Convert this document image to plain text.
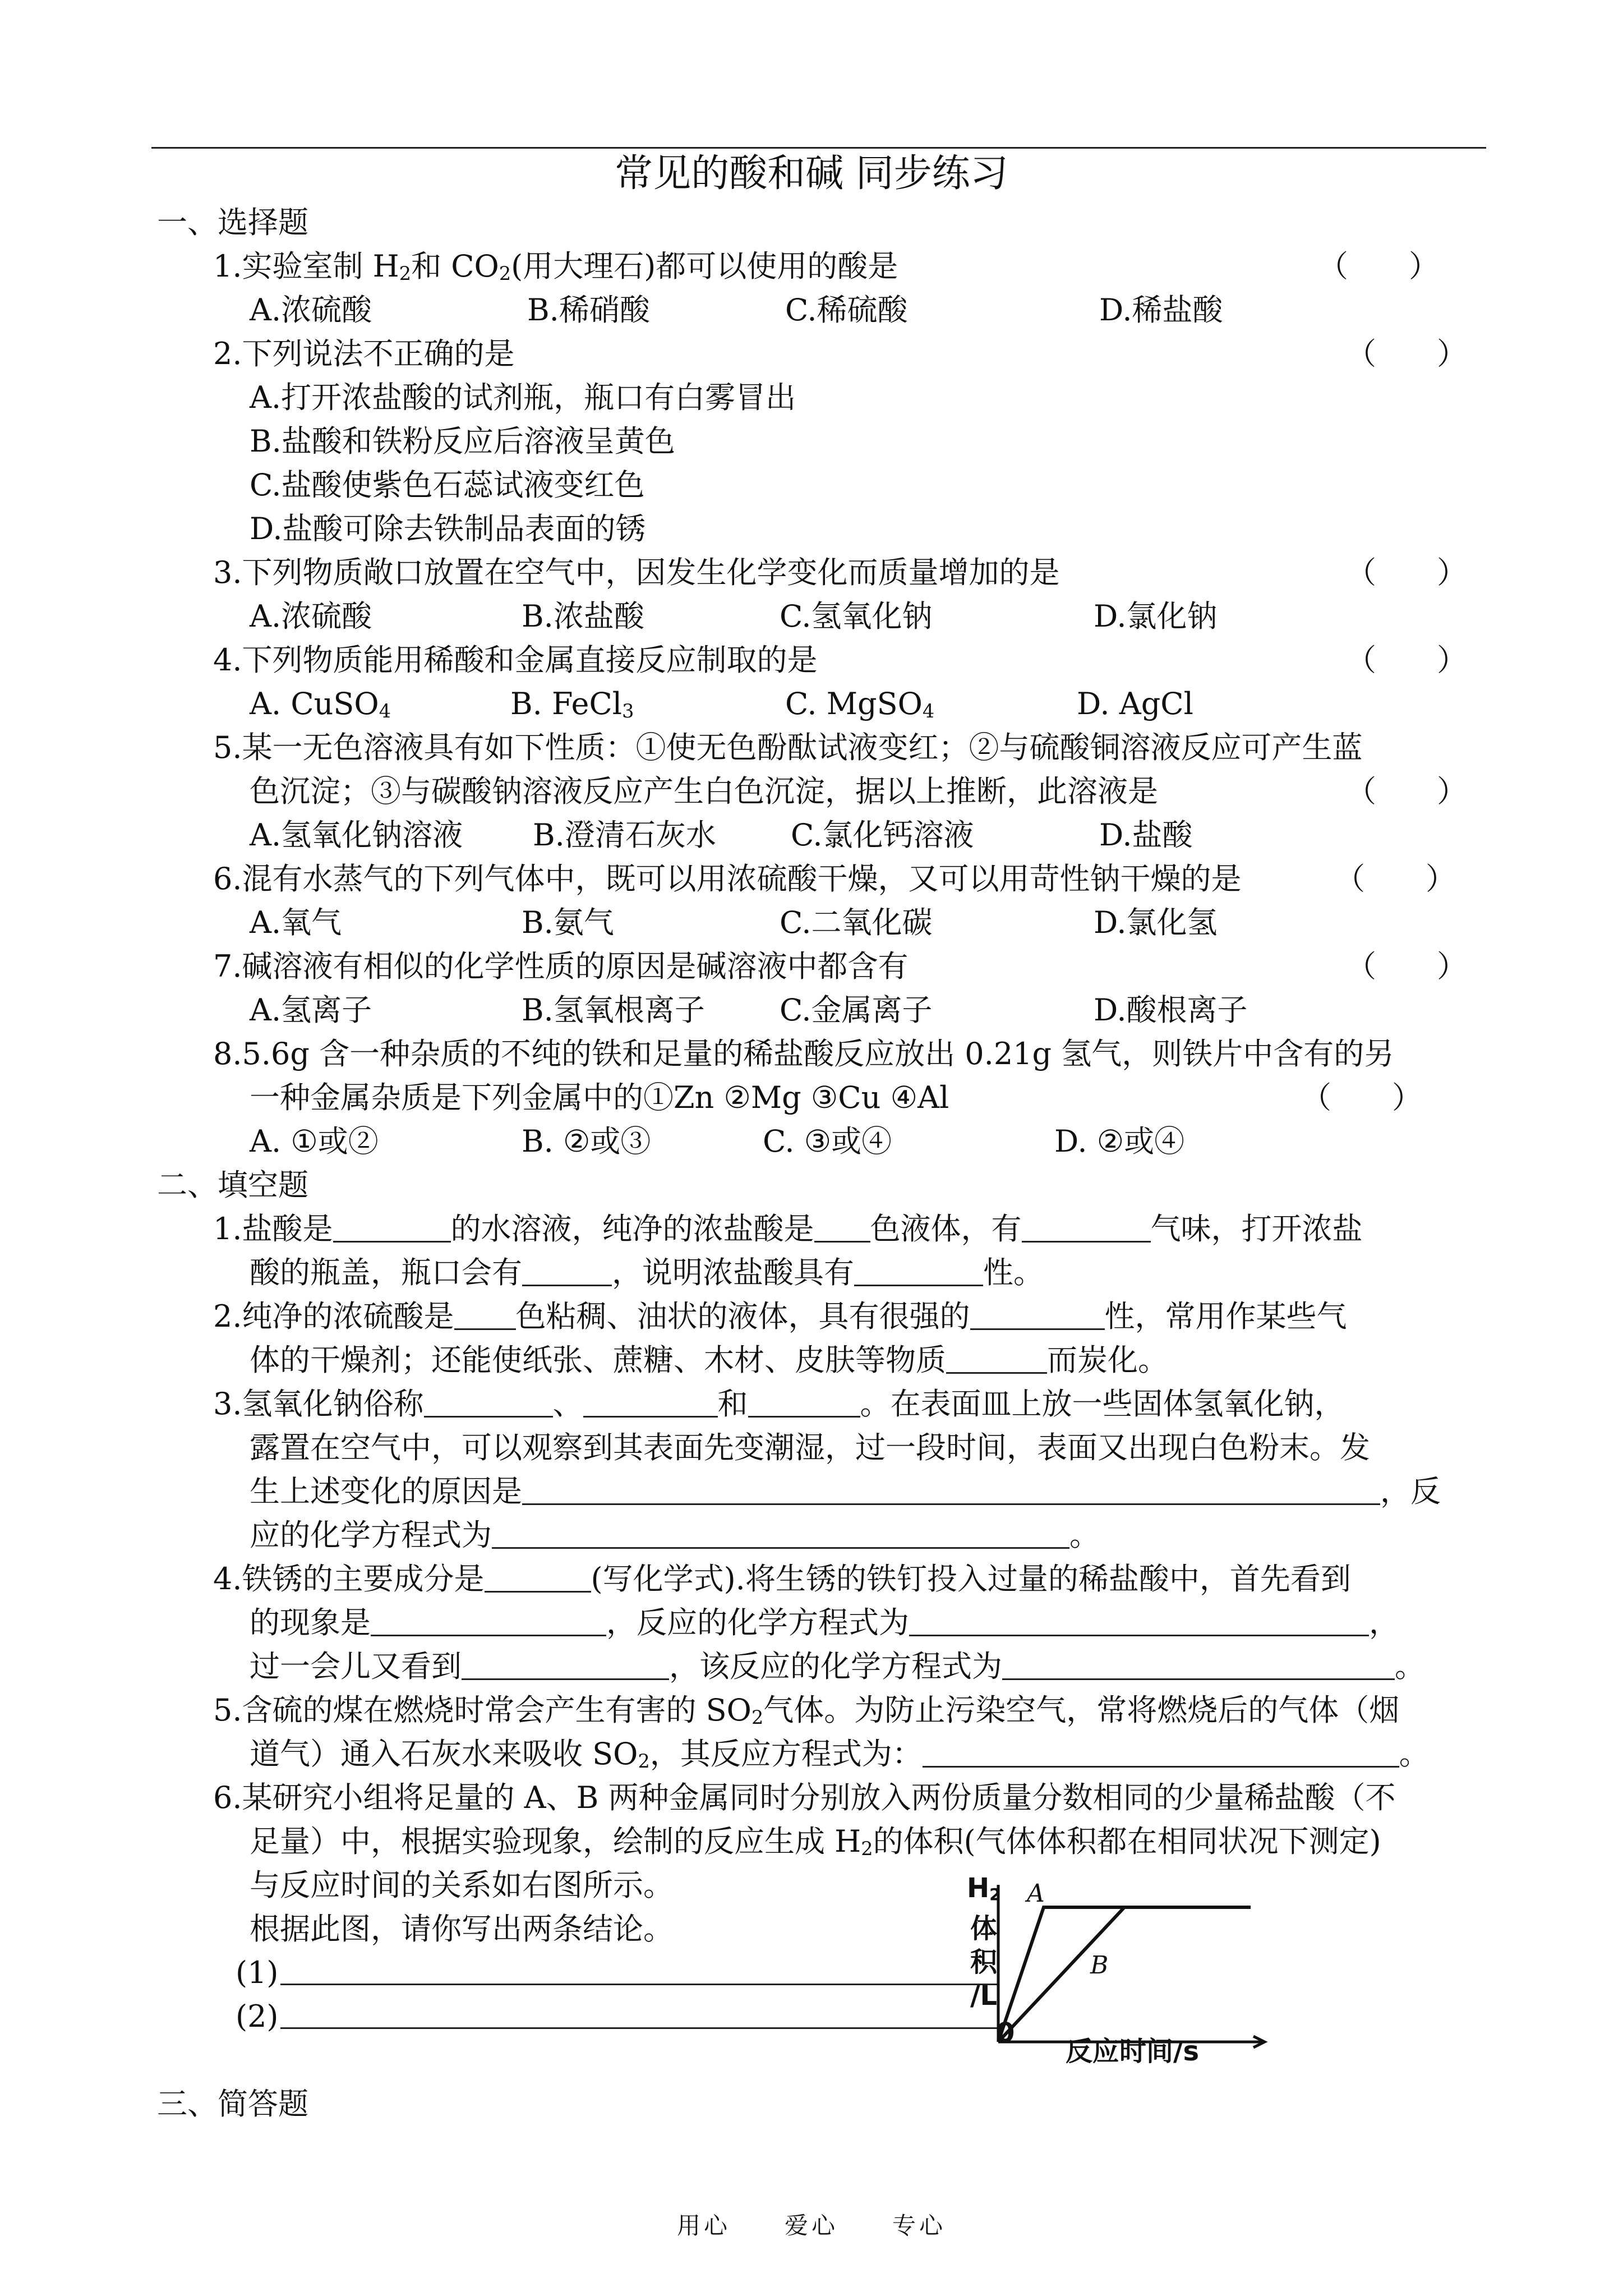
常见的酸和碱 同步练习
一、选择题
1.实验室制 $H_2$和 $CO_2$(用大理石)都可以使用的酸是	（　　）
A.浓硫酸	B.稀硝酸	C.稀硫酸	D.稀盐酸
2.下列说法不正确的是	（　　）
A.打开浓盐酸的试剂瓶，瓶口有白雾冒出
B.盐酸和铁粉反应后溶液呈黄色
C.盐酸使紫色石蕊试液变红色
D.盐酸可除去铁制品表面的锈
3.下列物质敞口放置在空气中，因发生化学变化而质量增加的是	（　　）
A.浓硫酸	B.浓盐酸	C.氢氧化钠	D.氯化钠
4.下列物质能用稀酸和金属直接反应制取的是	（　　）
A. CuSO$_4$	B. FeCl$_3$	C. MgSO$_4$	D. AgCl
5.某一无色溶液具有如下性质：①使无色酚酞试液变红；②与硫酸铜溶液反应可产生蓝
色沉淀；③与碳酸钠溶液反应产生白色沉淀，据以上推断，此溶液是	（　　）
A.氢氧化钠溶液 B.澄清石灰水 C.氯化钙溶液	D.盐酸
6.混有水蒸气的下列气体中，既可以用浓硫酸干燥，又可以用苛性钠干燥的是	（　　）
A.氧气	B.氨气	C.二氧化碳	D.氯化氢
7.碱溶液有相似的化学性质的原因是碱溶液中都含有	（　　）
A.氢离子	B.氢氧根离子 C.金属离子	D.酸根离子
8.5.6g 含一种杂质的不纯的铁和足量的稀盐酸反应放出 0.21g 氢气，则铁片中含有的另
一种金属杂质是下列金属中的①Zn ②Mg ③Cu ④Al	（　　）
A. ①或②	B. ②或③	C. ③或④	D. ②或④
二、填空题
1.盐酸是	的水溶液，纯净的浓盐酸是 色液体，有	气味，打开浓盐
酸的瓶盖，瓶口会有	，说明浓盐酸具有	性。
2.纯净的浓硫酸是 色粘稠、油状的液体，具有很强的	性，常用作某些气
体的干燥剂；还能使纸张、蔗糖、木材、皮肤等物质	而炭化。
3.氢氧化钠俗称	、	和	。在表面皿上放一些固体氢氧化钠，
露置在空气中，可以观察到其表面先变潮湿，过一段时间，表面又出现白色粉末。发
生上述变化的原因是	，反
应的化学方程式为	。
4.铁锈的主要成分是	(写化学式).将生锈的铁钉投入过量的稀盐酸中，首先看到
的现象是	，反应的化学方程式为	，
过一会儿又看到	，该反应的化学方程式为	。
5.含硫的煤在燃烧时常会产生有害的 $SO_2$气体。为防止污染空气，常将燃烧后的气体（烟
道气）通入石灰水来吸收 $SO_2$，其反应方程式为：	。
6.某研究小组将足量的 A、B 两种金属同时分别放入两份质量分数相同的少量稀盐酸（不
足量）中，根据实验现象，绘制的反应生成 $H_2$的体积(气体体积都在相同状况下测定)
与反应时间的关系如右图所示。
根据此图，请你写出两条结论。
(1)
(2)
$H_2$
体
积
/L
A
B
0
反应时间/s
三、简答题
用心　　爱心　　专心
